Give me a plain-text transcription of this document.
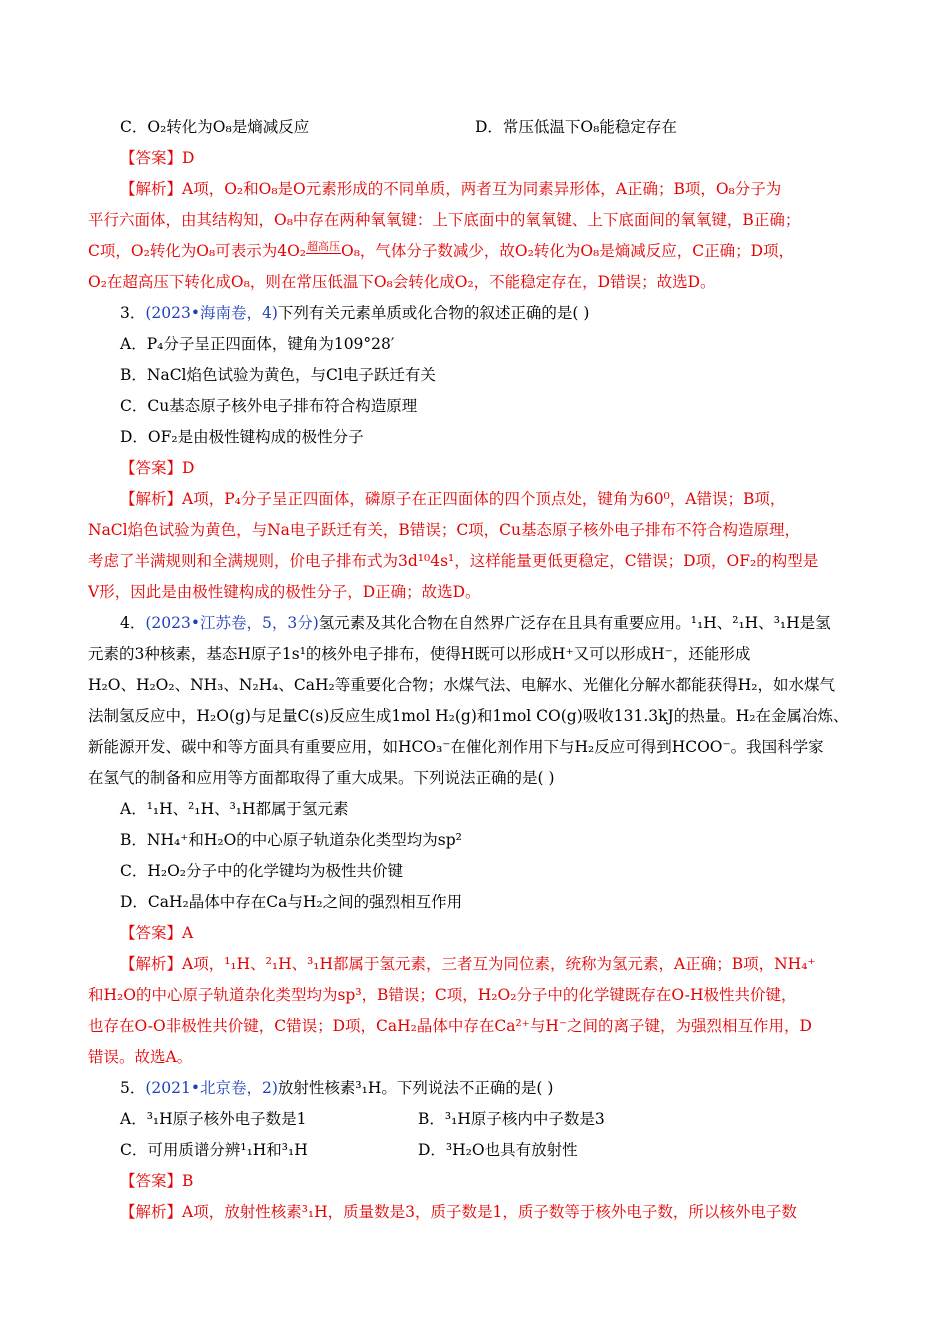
C．O₂转化为O₈是熵减反应	D．常压低温下O₈能稳定存在
【答案】D
【解析】A项，O₂和O₈是O元素形成的不同单质，两者互为同素异形体，A正确；B项，O₈分子为
平行六面体，由其结构知，O₈中存在两种氧氧键：上下底面中的氧氧键、上下底面间的氧氧键，B正确；
C项，O₂转化为O₈可表示为4O₂超高压O₈，气体分子数减少，故O₂转化为O₈是熵减反应，C正确；D项，
O₂在超高压下转化成O₈，则在常压低温下O₈会转化成O₂，不能稳定存在，D错误；故选D。
3．(2023•海南卷，4)下列有关元素单质或化合物的叙述正确的是( )
A．P₄分子呈正四面体，键角为109°28′
B．NaCl焰色试验为黄色，与Cl电子跃迁有关
C．Cu基态原子核外电子排布符合构造原理
D．OF₂是由极性键构成的极性分子
【答案】D
【解析】A项，P₄分子呈正四面体，磷原子在正四面体的四个顶点处，键角为60⁰，A错误；B项，
NaCl焰色试验为黄色，与Na电子跃迁有关，B错误；C项，Cu基态原子核外电子排布不符合构造原理，
考虑了半满规则和全满规则，价电子排布式为3d¹⁰4s¹，这样能量更低更稳定，C错误；D项，OF₂的构型是
V形，因此是由极性键构成的极性分子，D正确；故选D。
4．(2023•江苏卷，5，3分)氢元素及其化合物在自然界广泛存在且具有重要应用。¹₁H、²₁H、³₁H是氢
元素的3种核素，基态H原子1s¹的核外电子排布，使得H既可以形成H⁺又可以形成H⁻，还能形成
H₂O、H₂O₂、NH₃、N₂H₄、CaH₂等重要化合物；水煤气法、电解水、光催化分解水都能获得H₂，如水煤气
法制氢反应中，H₂O(g)与足量C(s)反应生成1mol H₂(g)和1mol CO(g)吸收131.3kJ的热量。H₂在金属冶炼、
新能源开发、碳中和等方面具有重要应用，如HCO₃⁻在催化剂作用下与H₂反应可得到HCOO⁻。我国科学家
在氢气的制备和应用等方面都取得了重大成果。下列说法正确的是( )
A．¹₁H、²₁H、³₁H都属于氢元素
B．NH₄⁺和H₂O的中心原子轨道杂化类型均为sp²
C．H₂O₂分子中的化学键均为极性共价键
D．CaH₂晶体中存在Ca与H₂之间的强烈相互作用
【答案】A
【解析】A项，¹₁H、²₁H、³₁H都属于氢元素，三者互为同位素，统称为氢元素，A正确；B项，NH₄⁺
和H₂O的中心原子轨道杂化类型均为sp³，B错误；C项，H₂O₂分子中的化学键既存在O-H极性共价键，
也存在O-O非极性共价键，C错误；D项，CaH₂晶体中存在Ca²⁺与H⁻之间的离子键，为强烈相互作用，D
错误。故选A。
5．(2021•北京卷，2)放射性核素³₁H。下列说法不正确的是( )
A．³₁H原子核外电子数是1	B．³₁H原子核内中子数是3
C．可用质谱分辨¹₁H和³₁H	D．³H₂O也具有放射性
【答案】B
【解析】A项，放射性核素³₁H，质量数是3，质子数是1，质子数等于核外电子数，所以核外电子数
